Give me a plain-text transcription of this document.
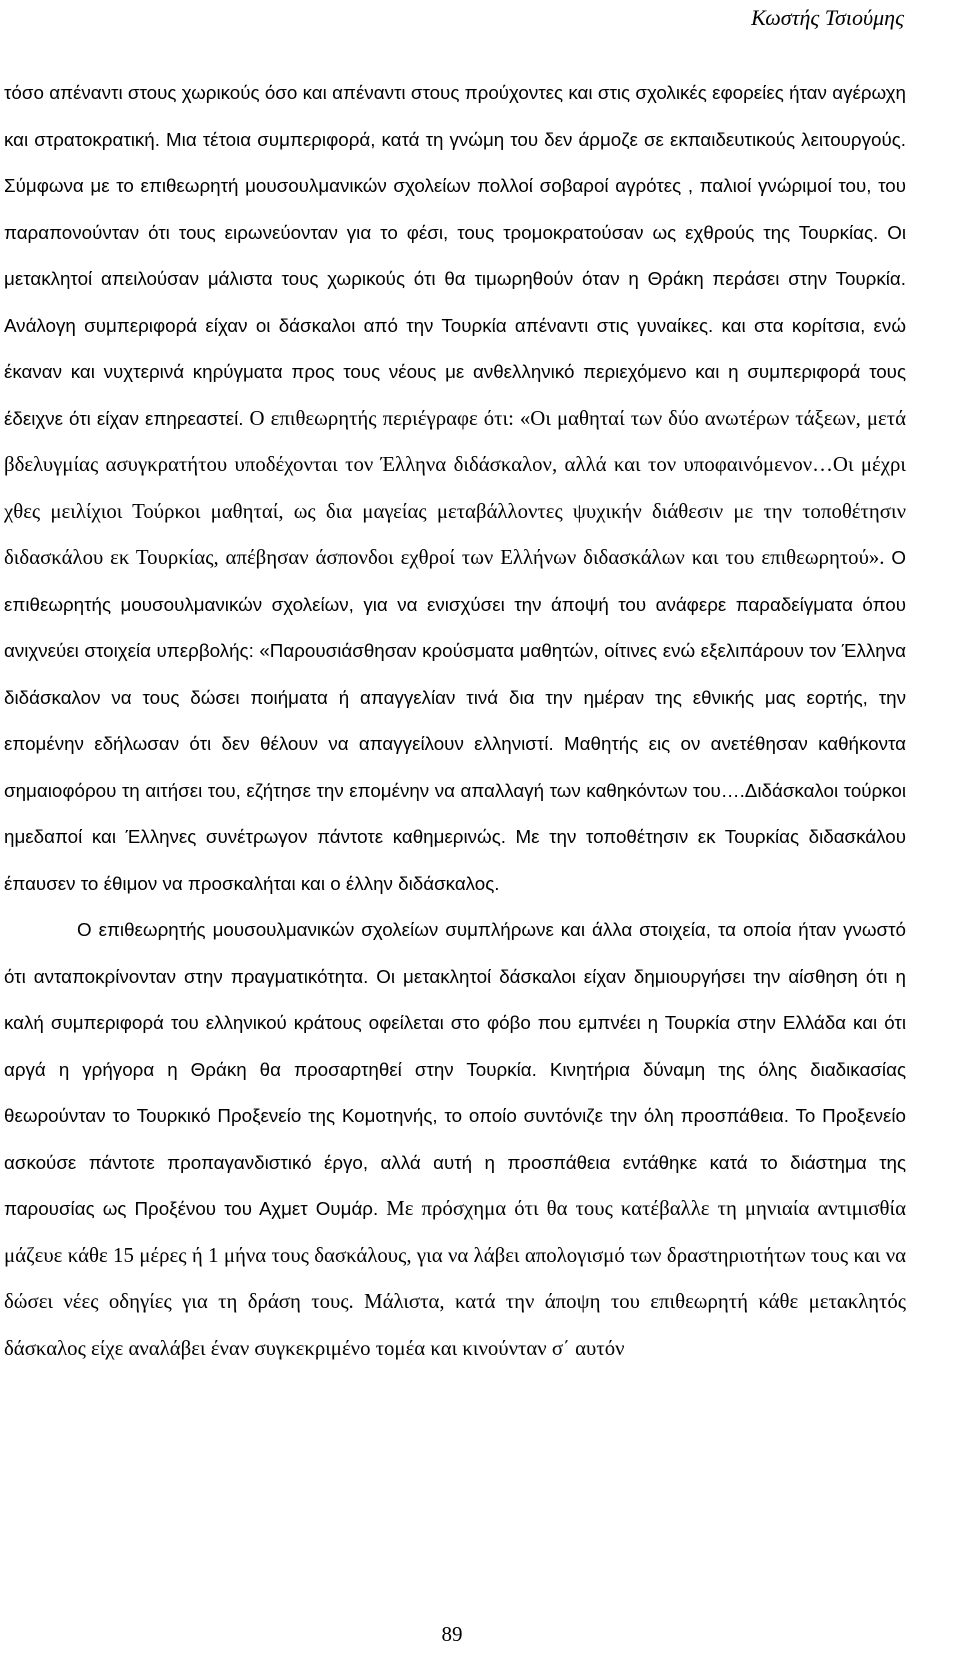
Κωστής Τσιούμης

τόσο απέναντι στους χωρικούς όσο και απέναντι στους προύχοντες και στις σχολικές εφορείες ήταν αγέρωχη και στρατοκρατική. Μια τέτοια συμπεριφορά, κατά τη γνώμη του δεν άρμοζε σε εκπαιδευτικούς λειτουργούς. Σύμφωνα με το επιθεωρητή μουσουλμανικών σχολείων πολλοί σοβαροί αγρότες , παλιοί γνώριμοί του, του παραπονούνταν ότι τους ειρωνεύονταν για το φέσι, τους τρομοκρατούσαν ως εχθρούς της Τουρκίας. Οι μετακλητοί απειλούσαν μάλιστα τους χωρικούς ότι θα τιμωρηθούν όταν η Θράκη περάσει στην Τουρκία. Ανάλογη συμπεριφορά είχαν οι δάσκαλοι από την Τουρκία απέναντι στις γυναίκες. και στα κορίτσια, ενώ έκαναν και νυχτερινά κηρύγματα προς τους νέους με ανθελληνικό περιεχόμενο και η συμπεριφορά τους έδειχνε ότι είχαν επηρεαστεί. Ο επιθεωρητής περιέγραφε ότι: «Οι μαθηταί των δύο ανωτέρων τάξεων, μετά βδελυγμίας ασυγκρατήτου υποδέχονται τον Έλληνα διδάσκαλον, αλλά και τον υποφαινόμενον…Οι μέχρι χθες μειλίχιοι Τούρκοι μαθηταί, ως δια μαγείας μεταβάλλοντες ψυχικήν διάθεσιν με την τοποθέτησιν διδασκάλου εκ Τουρκίας, απέβησαν άσπονδοι εχθροί των Ελλήνων διδασκάλων και του επιθεωρητού». Ο επιθεωρητής μουσουλμανικών σχολείων, για να ενισχύσει την άποψή του ανάφερε παραδείγματα όπου ανιχνεύει στοιχεία υπερβολής: «Παρουσιάσθησαν κρούσματα μαθητών, οίτινες ενώ εξελιπάρουν τον Έλληνα διδάσκαλον να τους δώσει ποιήματα ή απαγγελίαν τινά δια την ημέραν της εθνικής μας εορτής, την επομένην εδήλωσαν ότι δεν θέλουν να απαγγείλουν ελληνιστί. Μαθητής εις ον ανετέθησαν καθήκοντα σημαιοφόρου τη αιτήσει του, εζήτησε την επομένην να απαλλαγή των καθηκόντων του….Διδάσκαλοι τούρκοι ημεδαποί και Έλληνες συνέτρωγον πάντοτε καθημερινώς. Με την τοποθέτησιν εκ Τουρκίας διδασκάλου έπαυσεν το έθιμον να προσκαλήται και ο έλλην διδάσκαλος.

Ο επιθεωρητής μουσουλμανικών σχολείων συμπλήρωνε και άλλα στοιχεία, τα οποία ήταν γνωστό ότι ανταποκρίνονταν στην πραγματικότητα. Οι μετακλητοί δάσκαλοι είχαν δημιουργήσει την αίσθηση ότι η καλή συμπεριφορά του ελληνικού κράτους οφείλεται στο φόβο που εμπνέει η Τουρκία στην Ελλάδα και ότι αργά η γρήγορα η Θράκη θα προσαρτηθεί στην Τουρκία. Κινητήρια δύναμη της όλης διαδικασίας θεωρούνταν το Τουρκικό Προξενείο της Κομοτηνής, το οποίο συντόνιζε την όλη προσπάθεια. Το Προξενείο ασκούσε πάντοτε προπαγανδιστικό έργο, αλλά αυτή η προσπάθεια εντάθηκε κατά το διάστημα της παρουσίας ως Προξένου του Αχμετ Ουμάρ. Με πρόσχημα ότι θα τους κατέβαλλε τη μηνιαία αντιμισθία μάζευε κάθε 15 μέρες ή 1 μήνα τους δασκάλους, για να λάβει απολογισμό των δραστηριοτήτων τους και να δώσει νέες οδηγίες για τη δράση τους. Μάλιστα, κατά την άποψη του επιθεωρητή κάθε μετακλητός δάσκαλος είχε αναλάβει έναν συγκεκριμένο τομέα και κινούνταν σ΄ αυτόν

89
